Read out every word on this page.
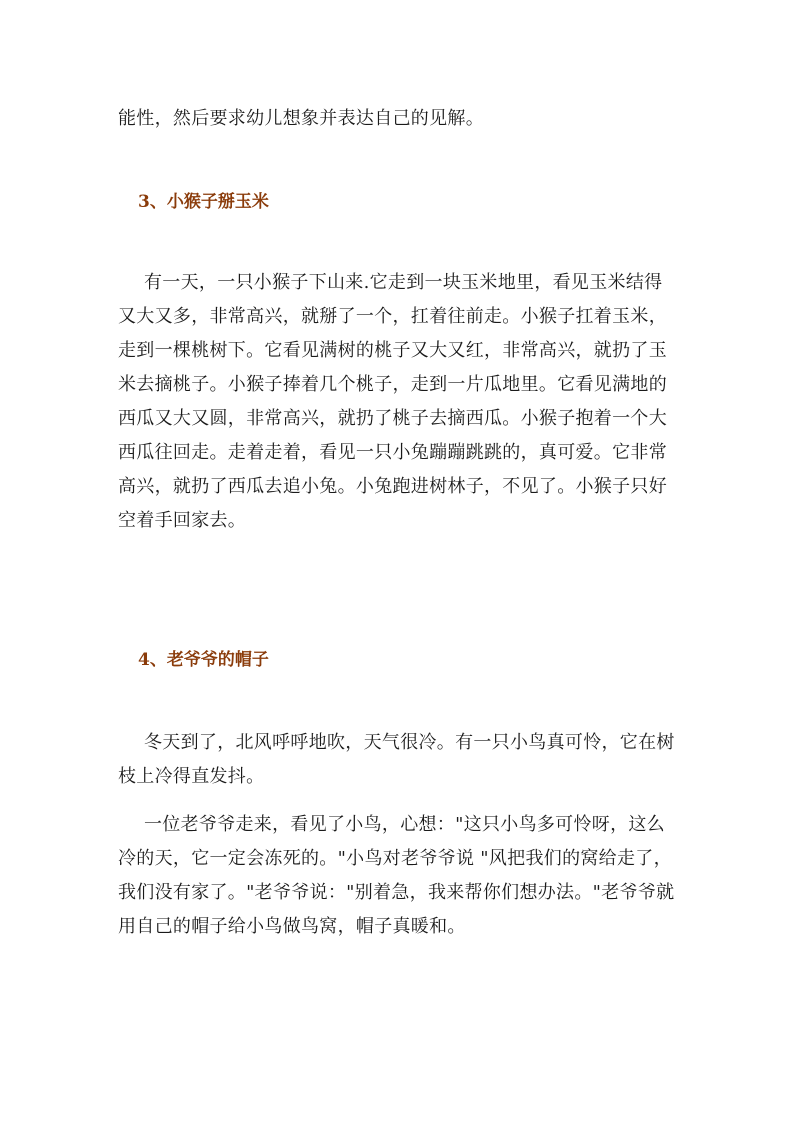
能性，然后要求幼儿想象并表达自己的见解。

3、小猴子掰玉米

有一天，一只小猴子下山来.它走到一块玉米地里，看见玉米结得又大又多，非常高兴，就掰了一个，扛着往前走。小猴子扛着玉米，走到一棵桃树下。它看见满树的桃子又大又红，非常高兴，就扔了玉米去摘桃子。小猴子捧着几个桃子，走到一片瓜地里。它看见满地的西瓜又大又圆，非常高兴，就扔了桃子去摘西瓜。小猴子抱着一个大西瓜往回走。走着走着，看见一只小兔蹦蹦跳跳的，真可爱。它非常高兴，就扔了西瓜去追小兔。小兔跑进树林子，不见了。小猴子只好空着手回家去。

4、老爷爷的帽子

冬天到了，北风呼呼地吹，天气很冷。有一只小鸟真可怜，它在树枝上冷得直发抖。

一位老爷爷走来，看见了小鸟，心想："这只小鸟多可怜呀，这么冷的天，它一定会冻死的。"小鸟对老爷爷说 "风把我们的窝给走了，我们没有家了。"老爷爷说："别着急，我来帮你们想办法。"老爷爷就用自己的帽子给小鸟做鸟窝，帽子真暖和。
